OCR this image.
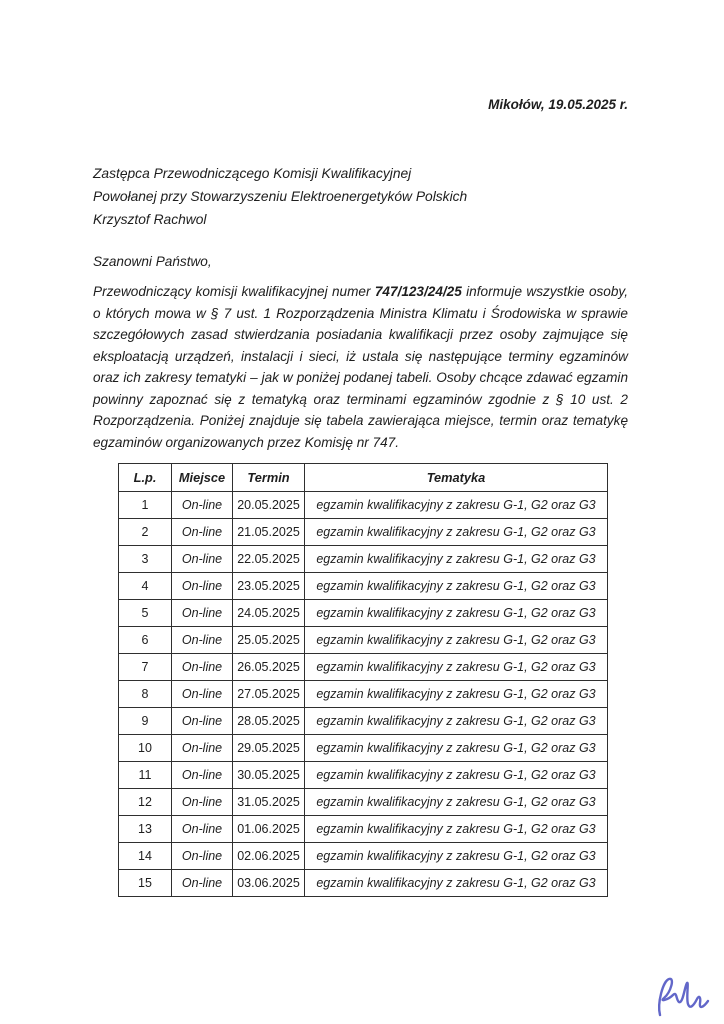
Mikołów, 19.05.2025 r.
Zastępca Przewodniczącego Komisji Kwalifikacyjnej
Powołanej przy Stowarzyszeniu Elektroenergetyków Polskich
Krzysztof Rachwol
Szanowni Państwo,

Przewodniczący komisji kwalifikacyjnej numer 747/123/24/25 informuje wszystkie osoby, o których mowa w § 7 ust. 1 Rozporządzenia Ministra Klimatu i Środowiska w sprawie szczegółowych zasad stwierdzania posiadania kwalifikacji przez osoby zajmujące się eksploatacją urządzeń, instalacji i sieci, iż ustala się następujące terminy egzaminów oraz ich zakresy tematyki – jak w poniżej podanej tabeli. Osoby chcące zdawać egzamin powinny zapoznać się z tematyką oraz terminami egzaminów zgodnie z § 10 ust. 2 Rozporządzenia. Poniżej znajduje się tabela zawierająca miejsce, termin oraz tematykę egzaminów organizowanych przez Komisję nr 747.

L.p.	Miejsce	Termin	Tematyka
1	On-line	20.05.2025	egzamin kwalifikacyjny z zakresu G-1, G2 oraz G3
2	On-line	21.05.2025	egzamin kwalifikacyjny z zakresu G-1, G2 oraz G3
3	On-line	22.05.2025	egzamin kwalifikacyjny z zakresu G-1, G2 oraz G3
4	On-line	23.05.2025	egzamin kwalifikacyjny z zakresu G-1, G2 oraz G3
5	On-line	24.05.2025	egzamin kwalifikacyjny z zakresu G-1, G2 oraz G3
6	On-line	25.05.2025	egzamin kwalifikacyjny z zakresu G-1, G2 oraz G3
7	On-line	26.05.2025	egzamin kwalifikacyjny z zakresu G-1, G2 oraz G3
8	On-line	27.05.2025	egzamin kwalifikacyjny z zakresu G-1, G2 oraz G3
9	On-line	28.05.2025	egzamin kwalifikacyjny z zakresu G-1, G2 oraz G3
10	On-line	29.05.2025	egzamin kwalifikacyjny z zakresu G-1, G2 oraz G3
11	On-line	30.05.2025	egzamin kwalifikacyjny z zakresu G-1, G2 oraz G3
12	On-line	31.05.2025	egzamin kwalifikacyjny z zakresu G-1, G2 oraz G3
13	On-line	01.06.2025	egzamin kwalifikacyjny z zakresu G-1, G2 oraz G3
14	On-line	02.06.2025	egzamin kwalifikacyjny z zakresu G-1, G2 oraz G3
15	On-line	03.06.2025	egzamin kwalifikacyjny z zakresu G-1, G2 oraz G3
